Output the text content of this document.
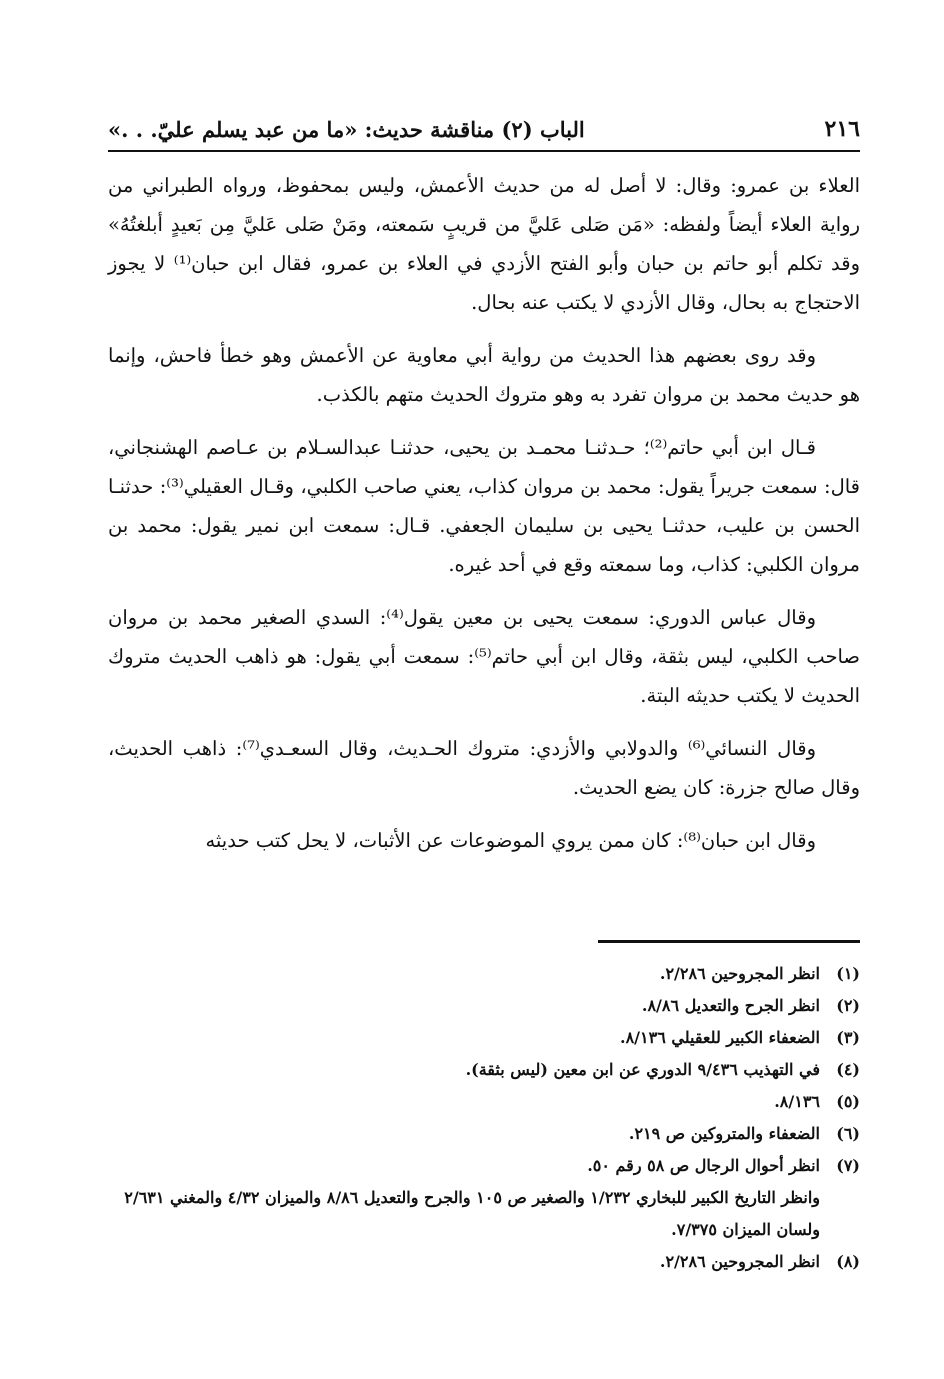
٢١٦
الباب (٢) مناقشة حديث: «ما من عبد يسلم عليّ. . .»

العلاء بن عمرو: وقال: لا أصل له من حديث الأعمش، وليس بمحفوظ، ورواه الطبراني من رواية العلاء أيضاً ولفظه: «مَن صَلى عَليَّ من قريبٍ سَمعته، ومَنْ صَلى عَليَّ مِن بَعيدٍ أبلغتُهُ» وقد تكلم أبو حاتم بن حبان وأبو الفتح الأزدي في العلاء بن عمرو، فقال ابن حبان⁽¹⁾ لا يجوز الاحتجاج به بحال، وقال الأزدي لا يكتب عنه بحال.

وقد روى بعضهم هذا الحديث من رواية أبي معاوية عن الأعمش وهو خطأ فاحش، وإنما هو حديث محمد بن مروان تفرد به وهو متروك الحديث متهم بالكذب.

قـال ابن أبي حاتم⁽²⁾؛ حـدثنـا محمـد بن يحيى، حدثنـا عبدالسـلام بن عـاصم الهشنجاني، قال: سمعت جريراً يقول: محمد بن مروان كذاب، يعني صاحب الكلبي، وقـال العقيلي⁽³⁾: حدثنـا الحسن بن عليب، حدثنـا يحيى بن سليمان الجعفي. قـال: سمعت ابن نمير يقول: محمد بن مروان الكلبي: كذاب، وما سمعته وقع في أحد غيره.

وقال عباس الدوري: سمعت يحيى بن معين يقول⁽⁴⁾: السدي الصغير محمد بن مروان صاحب الكلبي، ليس بثقة، وقال ابن أبي حاتم⁽⁵⁾: سمعت أبي يقول: هو ذاهب الحديث متروك الحديث لا يكتب حديثه البتة.

وقال النسائي⁽⁶⁾ والدولابي والأزدي: متروك الحـديث، وقال السعـدي⁽⁷⁾: ذاهب الحديث، وقال صالح جزرة: كان يضع الحديث.

وقال ابن حبان⁽⁸⁾: كان ممن يروي الموضوعات عن الأثبات، لا يحل كتب حديثه

(١)
انظر المجروحين ٢/٢٨٦.
(٢)
انظر الجرح والتعديل ٨/٨٦.
(٣)
الضعفاء الكبير للعقيلي ٨/١٣٦.
(٤)
في التهذيب ٩/٤٣٦ الدوري عن ابن معين (ليس بثقة).
(٥)
٨/١٣٦.
(٦)
الضعفاء والمتروكين ص ٢١٩.
(٧)
انظر أحوال الرجال ص ٥٨ رقم ٥٠.
وانظر التاريخ الكبير للبخاري ١/٢٣٢ والصغير ص ١٠٥ والجرح والتعديل ٨/٨٦ والميزان ٤/٣٢ والمغني ٢/٦٣١ ولسان الميزان ٧/٣٧٥.
(٨)
انظر المجروحين ٢/٢٨٦.
